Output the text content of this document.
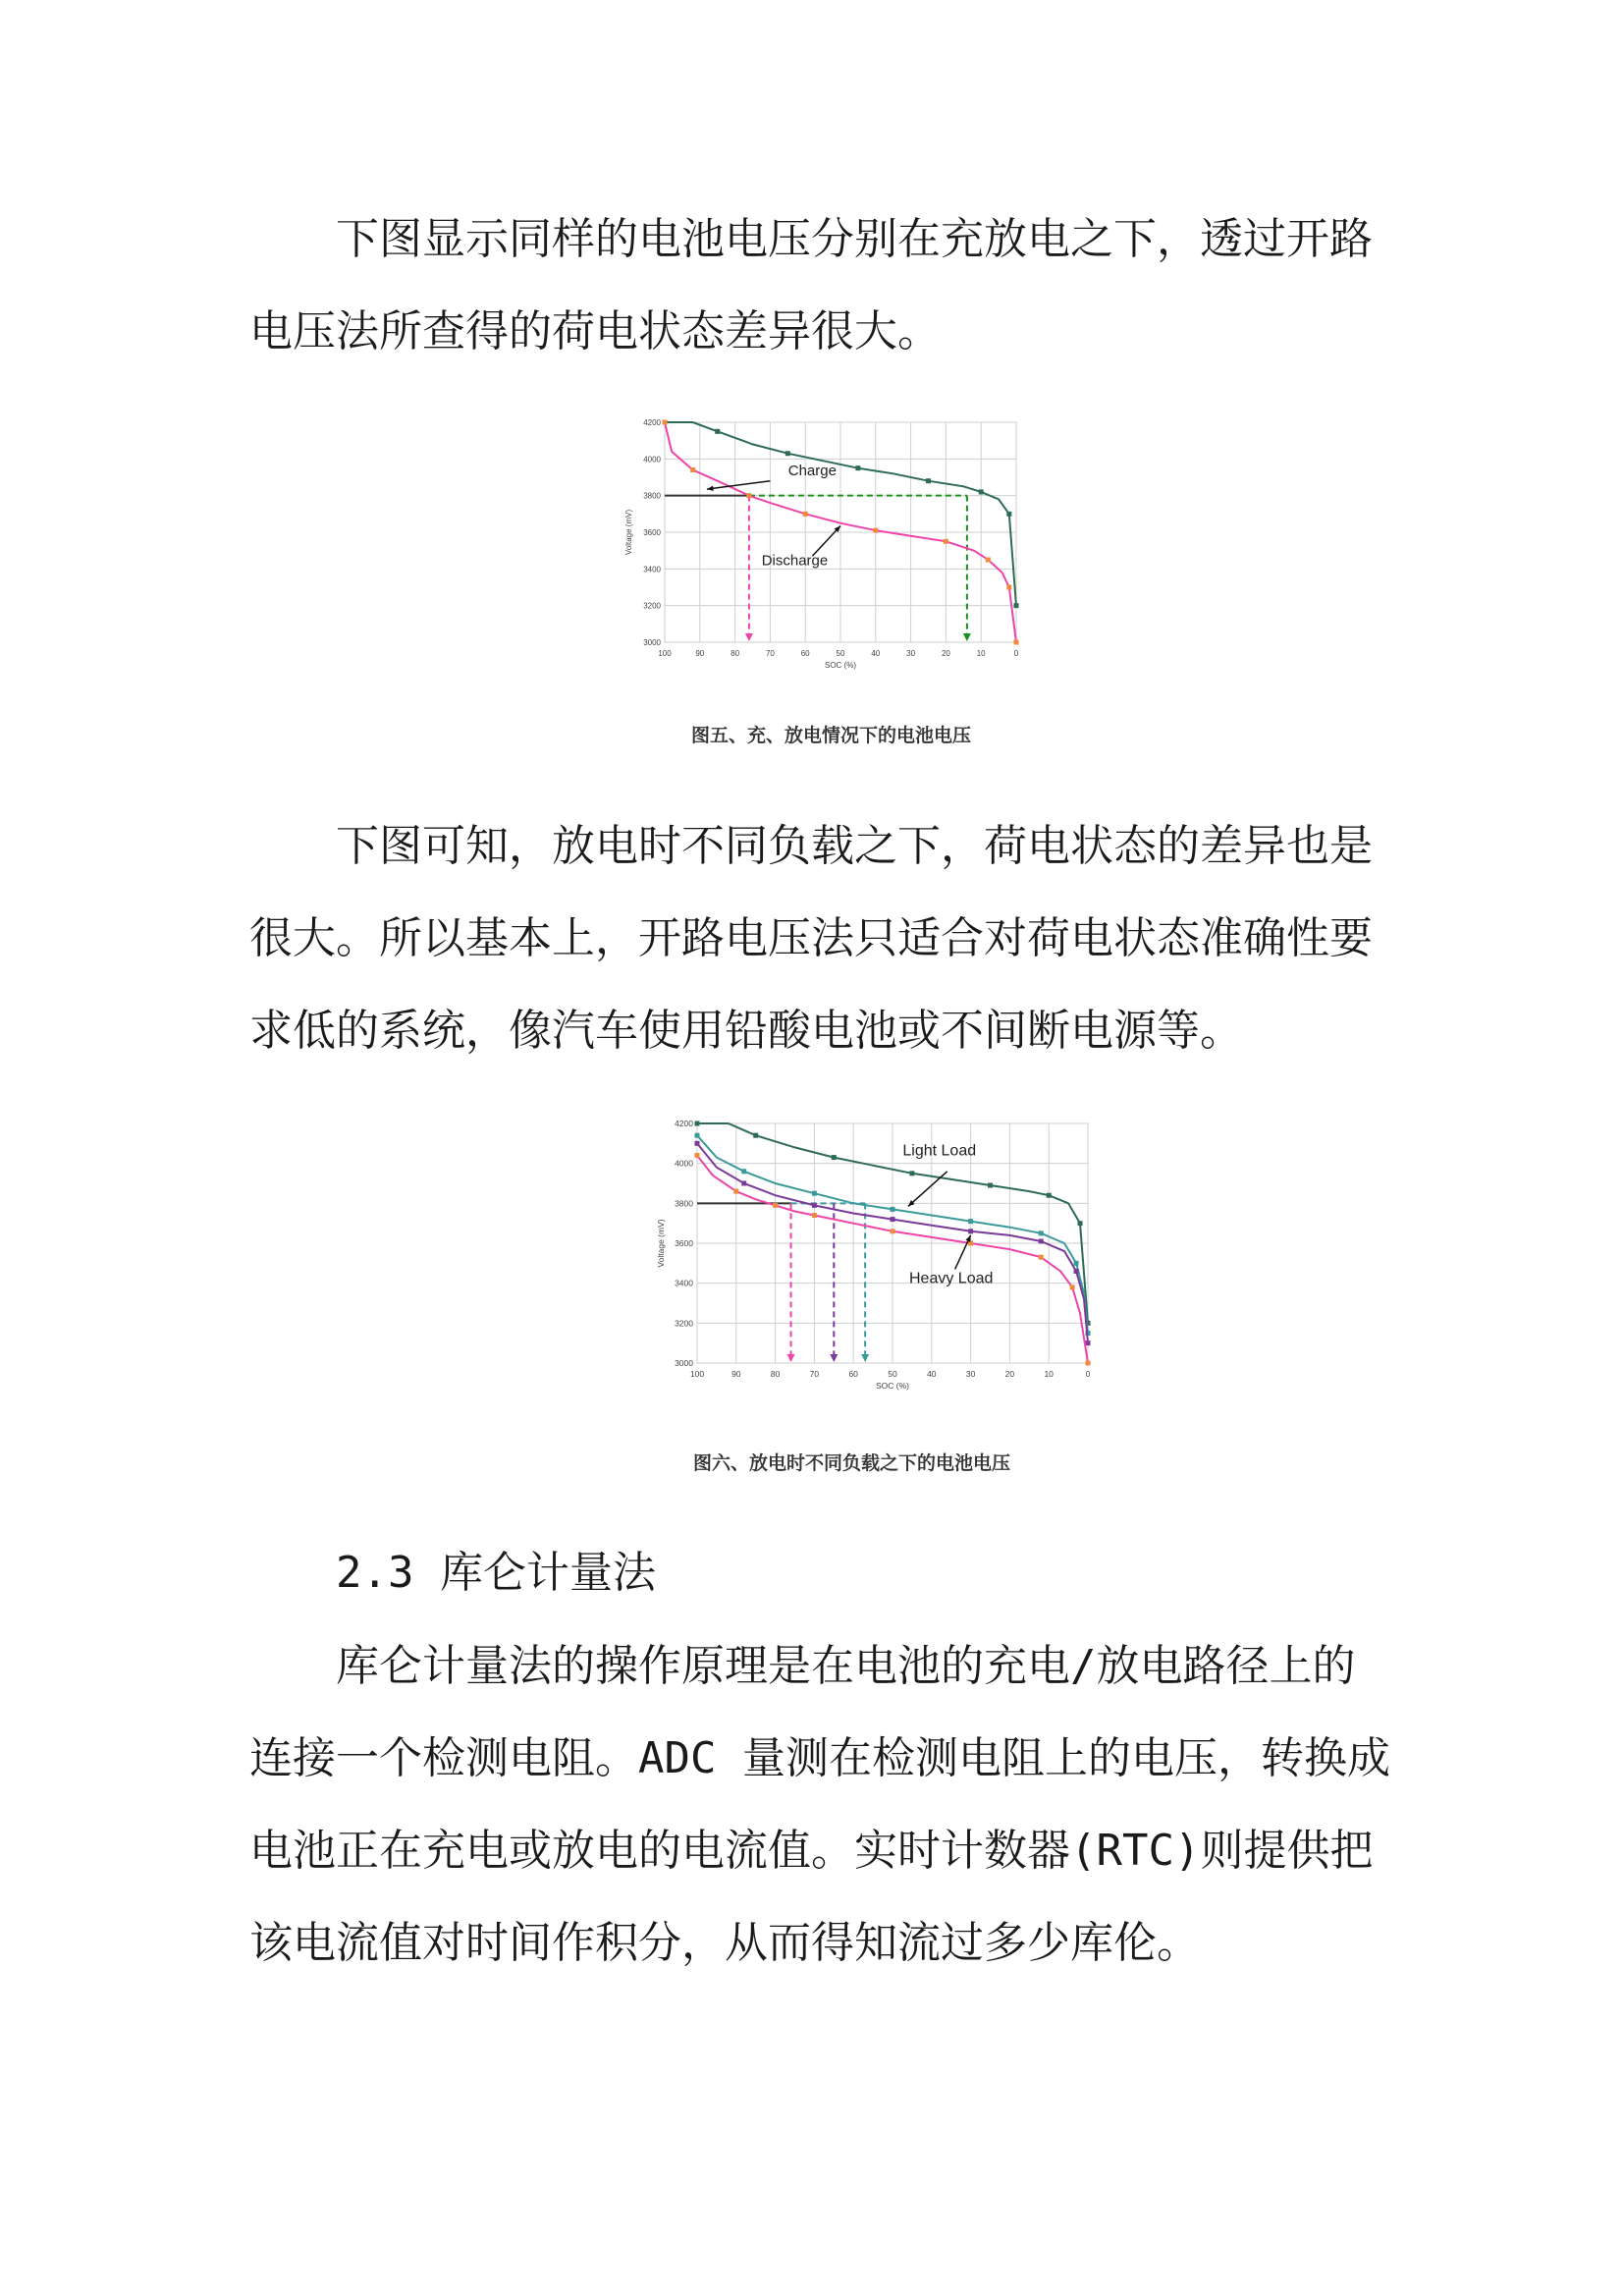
下图显示同样的电池电压分别在充放电之下，透过开路
电压法所查得的荷电状态差异很大。

100	90	80	70	60	50	40	30	20	10	0
3000
3200
3400
3600
3800
4000
4200
SOC (%)
Voltage (mV)
Charge
Discharge
图五、充、放电情况下的电池电压

下图可知，放电时不同负载之下，荷电状态的差异也是
很大。所以基本上，开路电压法只适合对荷电状态准确性要
求低的系统，像汽车使用铅酸电池或不间断电源等。

100	90	80	70	60	50	40	30	20	10	0
3000
3200
3400
3600
3800
4000
4200
SOC (%)
Voltage (mV)
Light Load
Heavy Load
图六、放电时不同负载之下的电池电压
2.3 库仑计量法

库仑计量法的操作原理是在电池的充电/放电路径上的
连接一个检测电阻。ADC 量测在检测电阻上的电压，转换成
电池正在充电或放电的电流值。实时计数器(RTC)则提供把
该电流值对时间作积分，从而得知流过多少库伦。
